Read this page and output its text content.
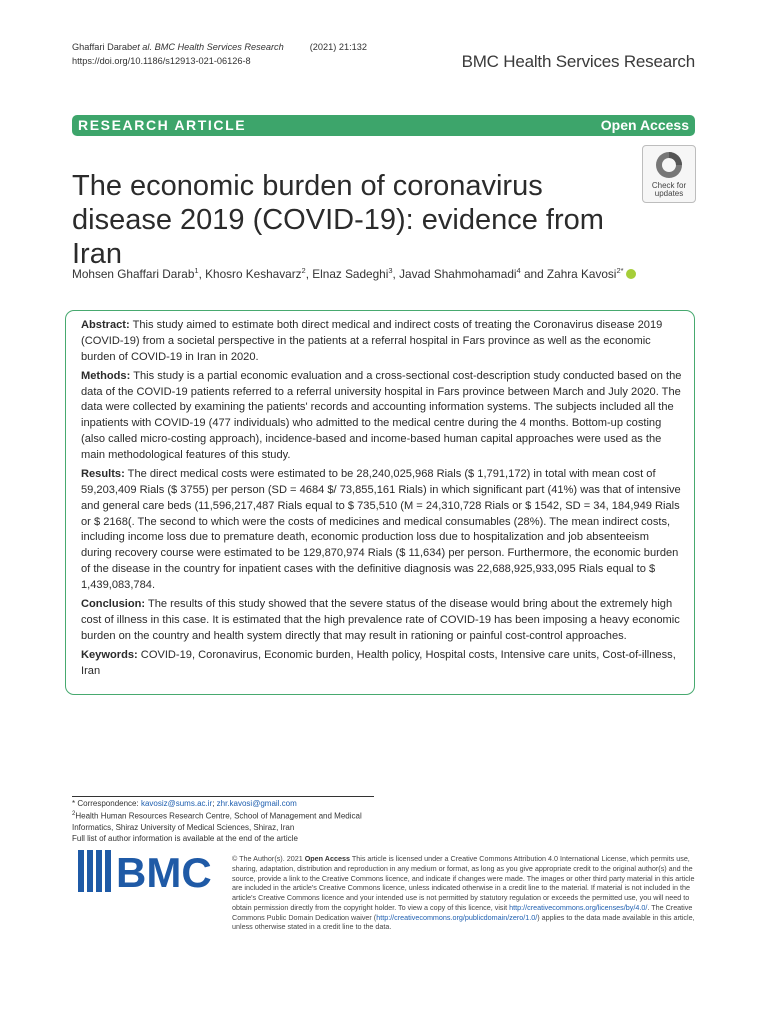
Ghaffari Darabet al. BMC Health Services Research	(2021) 21:132
https://doi.org/10.1186/s12913-021-06126-8	BMC Health Services Research
RESEARCH ARTICLE	Open Access
The economic burden of coronavirus disease 2019 (COVID-19): evidence from Iran
Check for
updates
Mohsen Ghaffari Darab$^1$, Khosro Keshavarz$^2$, Elnaz Sadeghi$^3$, Javad Shahmohamadi$^4$ and Zahra Kavosi$^{2*}$

Abstract: This study aimed to estimate both direct medical and indirect costs of treating the Coronavirus disease 2019 (COVID-19) from a societal perspective in the patients at a referral hospital in Fars province as well as the economic burden of COVID-19 in Iran in 2020.

Methods: This study is a partial economic evaluation and a cross-sectional cost-description study conducted based on the data of the COVID-19 patients referred to a referral university hospital in Fars province between March and July 2020. The data were collected by examining the patients' records and accounting information systems. The subjects included all the inpatients with COVID-19 (477 individuals) who admitted to the medical centre during the 4 months. Bottom-up costing (also called micro-costing approach), incidence-based and income-based human capital approaches were used as the main methodological features of this study.

Results: The direct medical costs were estimated to be 28,240,025,968 Rials ($ 1,791,172) in total with mean cost of 59,203,409 Rials ($ 3755) per person (SD = 4684 $/ 73,855,161 Rials) in which significant part (41%) was that of intensive and general care beds (11,596,217,487 Rials equal to $ 735,510 (M = 24,310,728 Rials or $ 1542, SD = 34, 184,949 Rials or $ 2168(. The second to which were the costs of medicines and medical consumables (28%). The mean indirect costs, including income loss due to premature death, economic production loss due to hospitalization and job absenteeism during recovery course were estimated to be 129,870,974 Rials ($ 11,634) per person. Furthermore, the economic burden of the disease in the country for inpatient cases with the definitive diagnosis was 22,688,925,933,095 Rials equal to $ 1,439,083,784.

Conclusion: The results of this study showed that the severe status of the disease would bring about the extremely high cost of illness in this case. It is estimated that the high prevalence rate of COVID-19 has been imposing a heavy economic burden on the country and health system directly that may result in rationing or painful cost-control approaches.

Keywords: COVID-19, Coronavirus, Economic burden, Health policy, Hospital costs, Intensive care units, Cost-of-illness, Iran

* Correspondence: kavosiz@sums.ac.ir; zhr.kavosi@gmail.com
$^2$Health Human Resources Research Centre, School of Management and Medical Informatics, Shiraz University of Medical Sciences, Shiraz, Iran
Full list of author information is available at the end of the article
BMC	© The Author(s). 2021 Open Access This article is licensed under a Creative Commons Attribution 4.0 International License, which permits use, sharing, adaptation, distribution and reproduction in any medium or format, as long as you give appropriate credit to the original author(s) and the source, provide a link to the Creative Commons licence, and indicate if changes were made. The images or other third party material in this article are included in the article's Creative Commons licence, unless indicated otherwise in a credit line to the material. If material is not included in the article's Creative Commons licence and your intended use is not permitted by statutory regulation or exceeds the permitted use, you will need to obtain permission directly from the copyright holder. To view a copy of this licence, visit http://creativecommons.org/licenses/by/4.0/. The Creative Commons Public Domain Dedication waiver (http://creativecommons.org/publicdomain/zero/1.0/) applies to the data made available in this article, unless otherwise stated in a credit line to the data.
